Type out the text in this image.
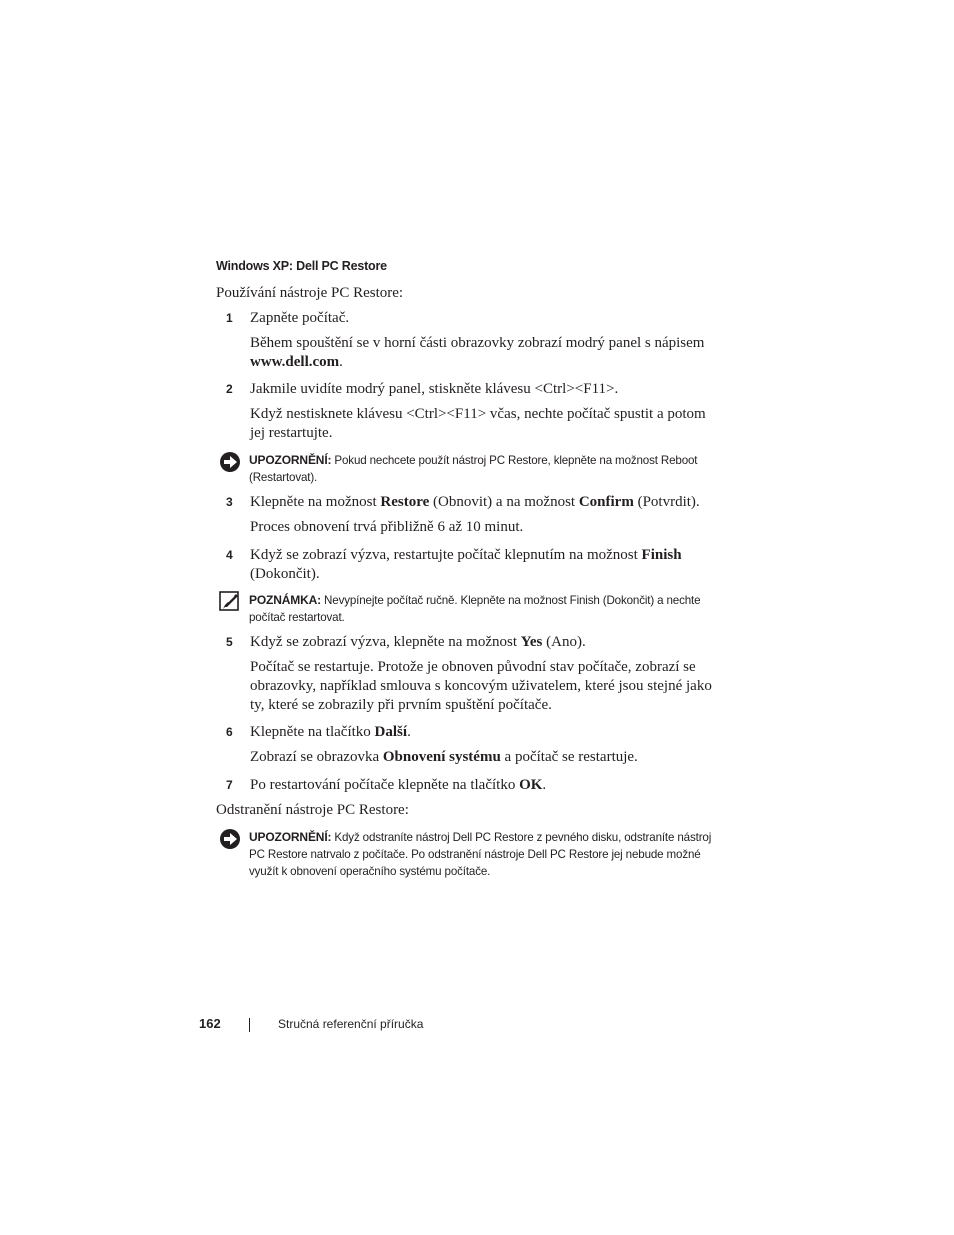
Windows XP: Dell PC Restore
Používání nástroje PC Restore:
1 Zapněte počítač.
Během spouštění se v horní části obrazovky zobrazí modrý panel s nápisem www.dell.com.
2 Jakmile uvidíte modrý panel, stiskněte klávesu <Ctrl><F11>.
Když nestisknete klávesu <Ctrl><F11> včas, nechte počítač spustit a potom jej restartujte.
UPOZORNĚNÍ: Pokud nechcete použít nástroj PC Restore, klepněte na možnost Reboot (Restartovat).
3 Klepněte na možnost Restore (Obnovit) a na možnost Confirm (Potvrdit).
Proces obnovení trvá přibližně 6 až 10 minut.
4 Když se zobrazí výzva, restartujte počítač klepnutím na možnost Finish (Dokončit).
POZNÁMKA: Nevypínejte počítač ručně. Klepněte na možnost Finish (Dokončit) a nechte počítač restartovat.
5 Když se zobrazí výzva, klepněte na možnost Yes (Ano).
Počítač se restartuje. Protože je obnoven původní stav počítače, zobrazí se obrazovky, například smlouva s koncovým uživatelem, které jsou stejné jako ty, které se zobrazily při prvním spuštění počítače.
6 Klepněte na tlačítko Další.
Zobrazí se obrazovka Obnovení systému a počítač se restartuje.
7 Po restartování počítače klepněte na tlačítko OK.
Odstranění nástroje PC Restore:
UPOZORNĚNÍ: Když odstraníte nástroj Dell PC Restore z pevného disku, odstraníte nástroj PC Restore natrvalo z počítače. Po odstranění nástroje Dell PC Restore jej nebude možné využít k obnovení operačního systému počítače.
162	Stručná referenční příručka
